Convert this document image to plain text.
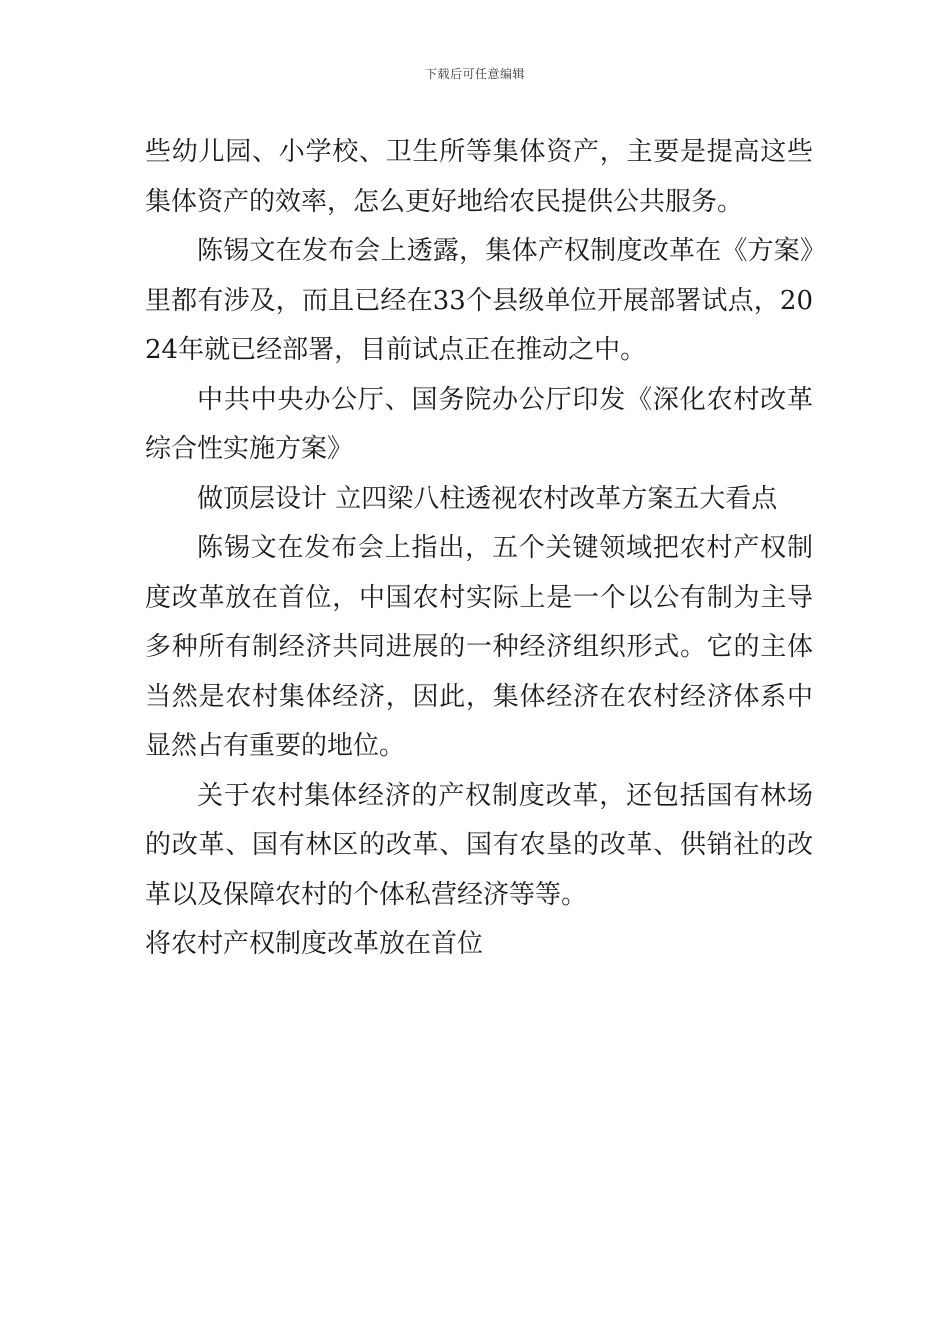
下载后可任意编辑

些幼儿园、小学校、卫生所等集体资产，主要是提高这些集体资产的效率，怎么更好地给农民提供公共服务。

陈锡文在发布会上透露，集体产权制度改革在《方案》里都有涉及，而且已经在33个县级单位开展部署试点，2024年就已经部署，目前试点正在推动之中。

中共中央办公厅、国务院办公厅印发《深化农村改革综合性实施方案》

做顶层设计 立四梁八柱透视农村改革方案五大看点

陈锡文在发布会上指出，五个关键领域把农村产权制度改革放在首位，中国农村实际上是一个以公有制为主导多种所有制经济共同进展的一种经济组织形式。它的主体当然是农村集体经济，因此，集体经济在农村经济体系中显然占有重要的地位。

关于农村集体经济的产权制度改革，还包括国有林场的改革、国有林区的改革、国有农垦的改革、供销社的改革以及保障农村的个体私营经济等等。

将农村产权制度改革放在首位
